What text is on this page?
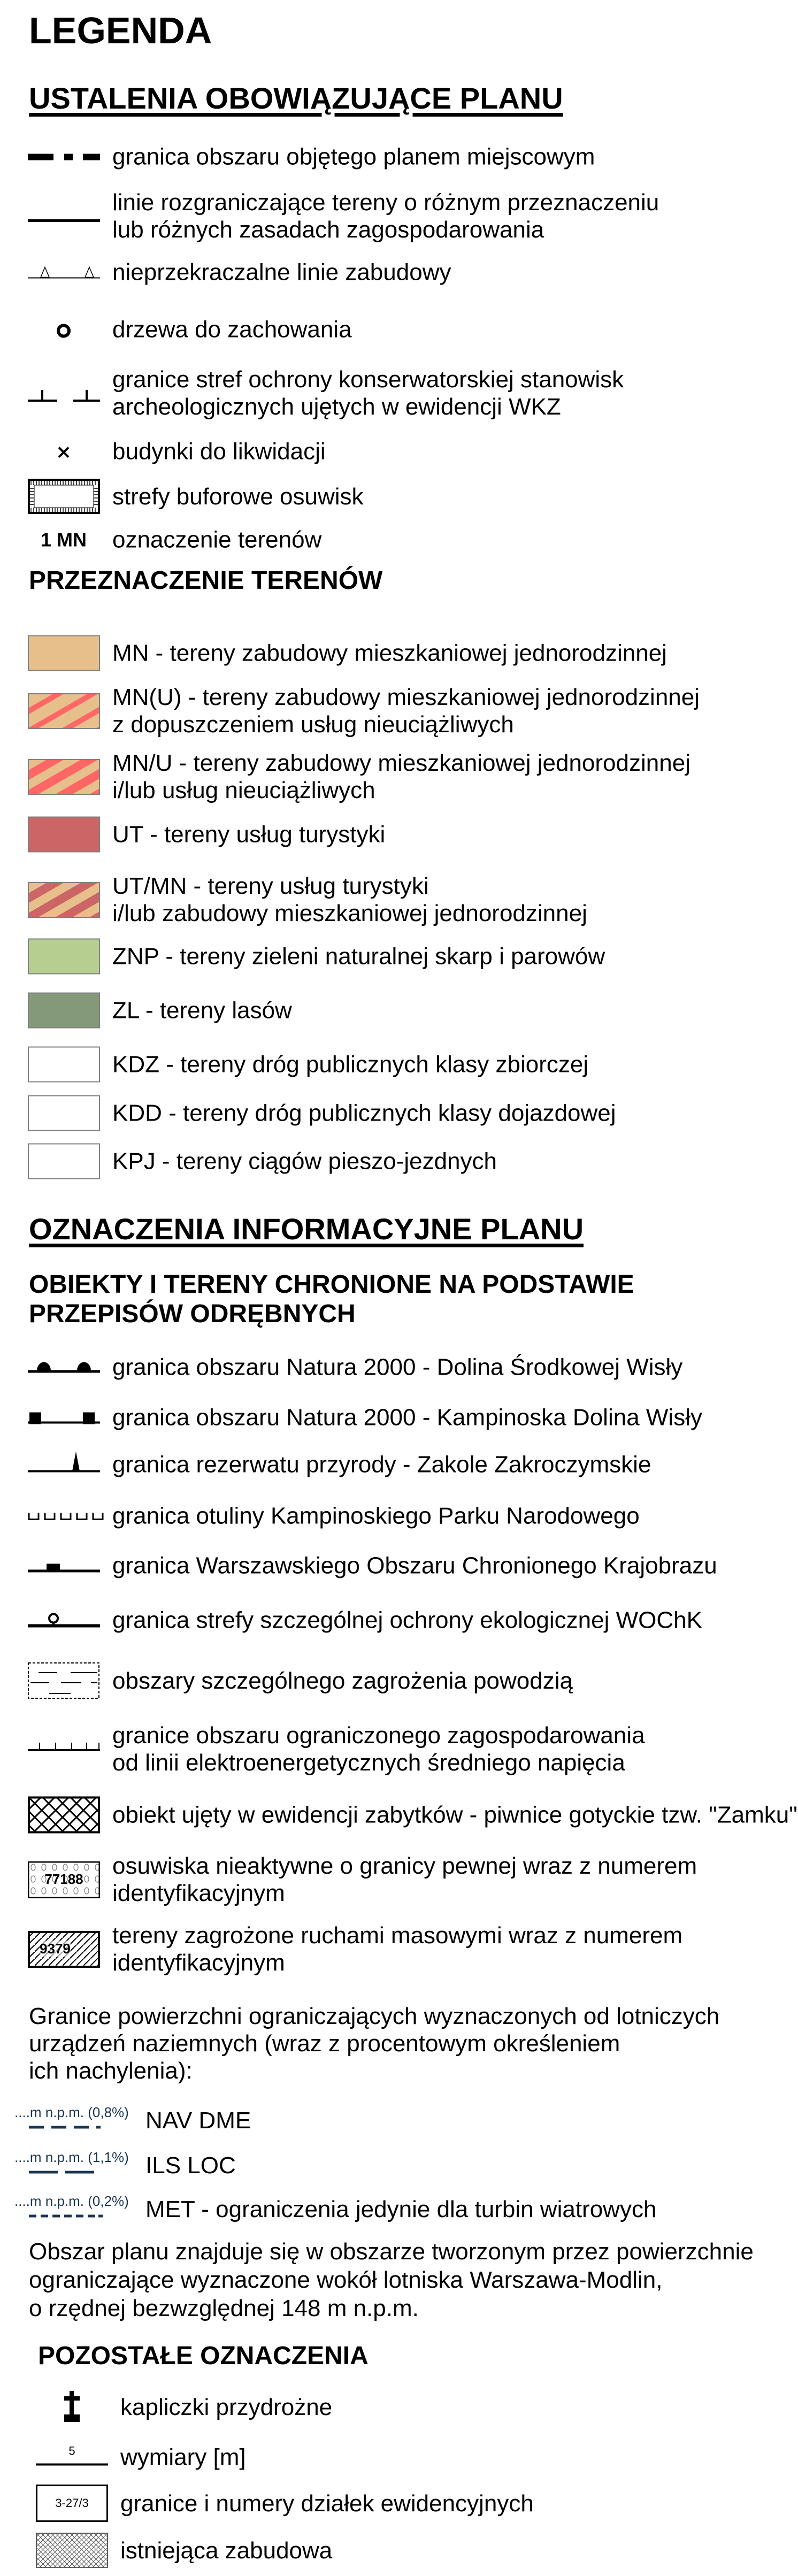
LEGENDA
USTALENIA OBOWIĄZUJĄCE PLANU
granica obszaru objętego planem miejscowym
linie rozgraniczające tereny o różnym przeznaczeniu
lub różnych zasadach zagospodarowania
nieprzekraczalne linie zabudowy
drzewa do zachowania
granice stref ochrony konserwatorskiej stanowisk
archeologicznych ujętych w ewidencji WKZ
budynki do likwidacji
strefy buforowe osuwisk
1 MN oznaczenie terenów
PRZEZNACZENIE TERENÓW
MN - tereny zabudowy mieszkaniowej jednorodzinnej
MN(U) - tereny zabudowy mieszkaniowej jednorodzinnej
z dopuszczeniem usług nieuciążliwych
MN/U - tereny zabudowy mieszkaniowej jednorodzinnej
i/lub usług nieuciążliwych
UT - tereny usług turystyki
UT/MN - tereny usług turystyki
i/lub zabudowy mieszkaniowej jednorodzinnej
ZNP - tereny zieleni naturalnej skarp i parowów
ZL - tereny lasów
KDZ - tereny dróg publicznych klasy zbiorczej
KDD - tereny dróg publicznych klasy dojazdowej
KPJ - tereny ciągów pieszo-jezdnych
OZNACZENIA INFORMACYJNE PLANU
OBIEKTY I TERENY CHRONIONE NA PODSTAWIE
PRZEPISÓW ODRĘBNYCH
granica obszaru Natura 2000 - Dolina Środkowej Wisły
granica obszaru Natura 2000 - Kampinoska Dolina Wisły
granica rezerwatu przyrody - Zakole Zakroczymskie
granica otuliny Kampinoskiego Parku Narodowego
granica Warszawskiego Obszaru Chronionego Krajobrazu
granica strefy szczególnej ochrony ekologicznej WOChK
obszary szczególnego zagrożenia powodzią
granice obszaru ograniczonego zagospodarowania
od linii elektroenergetycznych średniego napięcia
obiekt ujęty w ewidencji zabytków - piwnice gotyckie tzw. "Zamku"
77188	osuwiska nieaktywne o granicy pewnej wraz z numerem
identyfikacyjnym
9379 tereny zagrożone ruchami masowymi wraz z numerem
identyfikacyjnym
Granice powierzchni ograniczających wyznaczonych od lotniczych
urządzeń naziemnych (wraz z procentowym określeniem
ich nachylenia):
....m n.p.m. (0,8%) NAV DME
....m n.p.m. (1,1%) ILS LOC
....m n.p.m. (0,2%) MET - ograniczenia jedynie dla turbin wiatrowych
Obszar planu znajduje się w obszarze tworzonym przez powierzchnie
ograniczające wyznaczone wokół lotniska Warszawa-Modlin,
o rzędnej bezwzględnej 148 m n.p.m.
POZOSTAŁE OZNACZENIA
kapliczki przydrożne
5	wymiary [m]
3-27/3	granice i numery działek ewidencyjnych
istniejąca zabudowa
